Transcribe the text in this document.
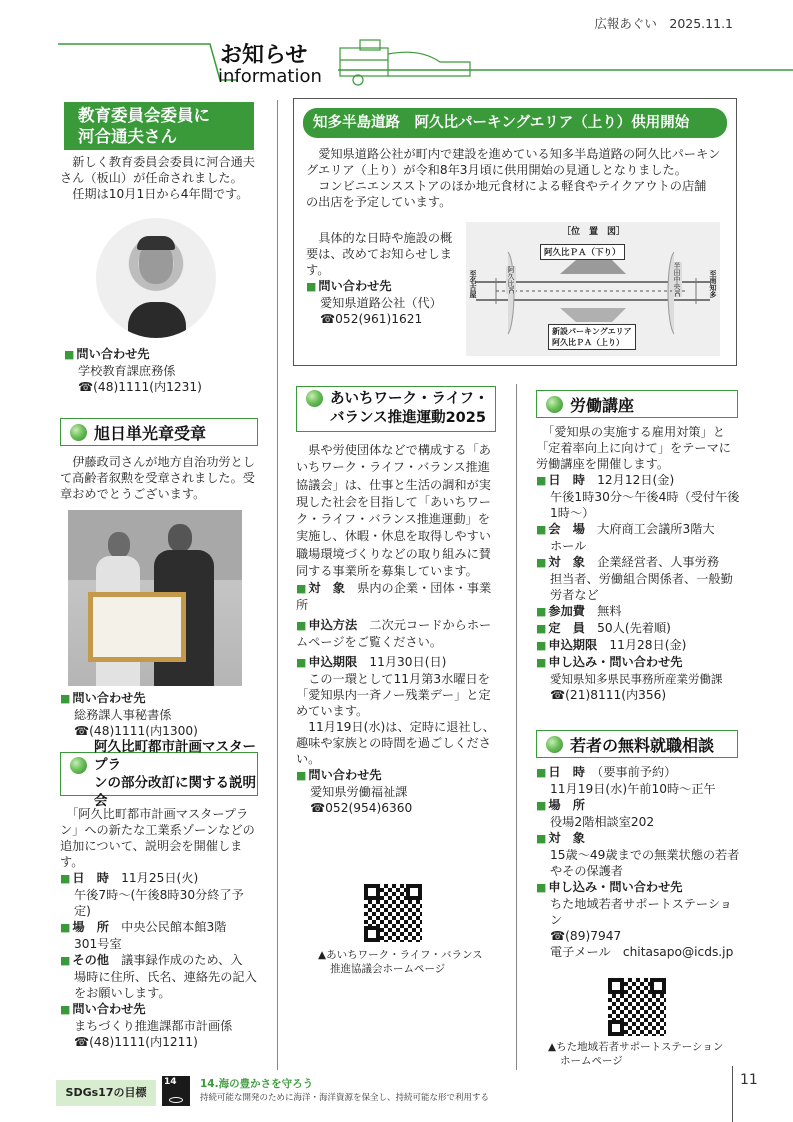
広報あぐい　2025.11.1
お知らせ
information
教育委員会委員に
河合通夫さん

新しく教育委員会委員に河合通夫さん（板山）が任命されました。

任期は10月1日から4年間です。

■ 問い合わせ先
学校教育課庶務係
☎(48)1111(内1231)
旭日単光章受章
伊藤政司さんが地方自治功労として高齢者叙勲を受章されました。受章おめでとうございます。
■ 問い合わせ先
総務課人事秘書係
☎(48)1111(内1300)
阿久比町都市計画マスタープラ
ンの部分改訂に関する説明会

「阿久比町都市計画マスタープラン」への新たな工業系ゾーンなどの追加について、説明会を開催します。

■ 日　時　 11月25日(火)
午後7時～(午後8時30分終了予定)
■ 場　所　 中央公民館本館3階
301号室
■ その他　 議事録作成のため、入
場時に住所、氏名、連絡先の記入をお願いします。
■ 問い合わせ先
まちづくり推進課都市計画係
☎(48)1111(内1211)
知多半島道路　阿久比パーキングエリア（上り）供用開始

愛知県道路公社が町内で建設を進めている知多半島道路の阿久比パーキングエリア（上り）が令和8年3月頃に供用開始の見通しとなりました。

コンビニエンスストアのほか地元食材による軽食やテイクアウトの店舗

の出店を予定しています。

具体的な日時や施設の概要は、改めてお知らせします。

■ 問い合わせ先
愛知県道路公社（代）
☎052(961)1621
［位　置　図］
阿久比ＰＡ（下り）
新設パーキングエリア
阿久比ＰＡ（上り）
至名古屋	至南知多
阿久比IC	半田中央IC
あいちワーク・ライフ・
バランス推進運動2025

県や労使団体などで構成する「あいちワーク・ライフ・バランス推進協議会」は、仕事と生活の調和が実現した社会を目指して「あいちワーク・ライフ・バランス推進運動」を実施し、休暇・休息を取得しやすい職場環境づくりなどの取り組みに賛同する事業所を募集しています。

■ 対　象　 県内の企業・団体・事業所
■ 申込方法　 二次元コードからホームページをご覧ください。
■ 申込期限　 11月30日(日)

この一環として11月第3水曜日を「愛知県内一斉ノー残業デー」と定めています。

11月19日(水)は、定時に退社し、趣味や家族との時間を過ごしください。

■ 問い合わせ先
愛知県労働福祉課
☎052(954)6360
▲あいちワーク・ライフ・バランス
推進協議会ホームページ
労働講座

「愛知県の実施する雇用対策」と「定着率向上に向けて」をテーマに労働講座を開催します。

■ 日　時　 12月12日(金)
午後1時30分～午後4時（受付午後1時～）
■ 会　場　 大府商工会議所3階大
ホール
■ 対　象　 企業経営者、人事労務
担当者、労働組合関係者、一般勤労者など
■ 参加費　 無料
■ 定　員　 50人(先着順)
■ 申込期限　 11月28日(金)
■ 申し込み・問い合わせ先
愛知県知多県民事務所産業労働課
☎(21)8111(内356)
若者の無料就職相談
■ 日　時　 （要事前予約）
11月19日(水)午前10時～正午
■ 場　所
役場2階相談室202
■ 対　象
15歳～49歳までの無業状態の若者やその保護者
■ 申し込み・問い合わせ先
ちた地域若者サポートステーション
☎(89)7947
電子メール　chitasapo@icds.jp
▲ちた地域若者サポートステーション
ホームページ
SDGs17の目標
14	14.海の豊かさを守ろう
持続可能な開発のために海洋・海洋資源を保全し、持続可能な形で利用する
11
